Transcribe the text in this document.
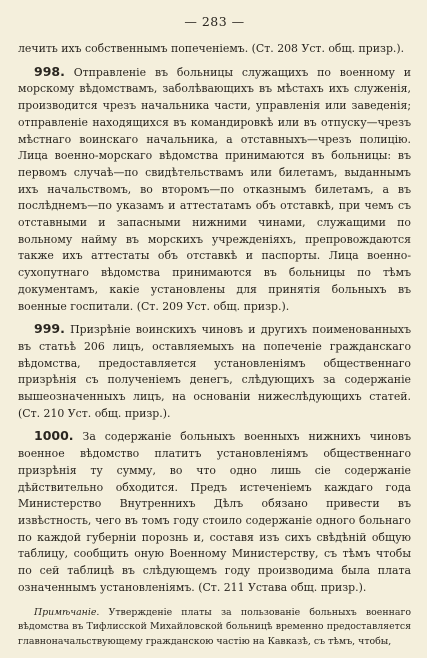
— 283 —

лечить ихъ собственнымъ попеченіемъ. (Ст. 208 Уст. общ. призр.).

998. Отправленіе въ больницы служащихъ по военному и морскому вѣдомствамъ, заболѣвающихъ въ мѣстахъ ихъ служенія, производится чрезъ начальника части, управленія или заведенія; отправленіе находящихся въ командировкѣ или въ отпуску—чрезъ мѣстнаго воинскаго начальника, а отставныхъ—чрезъ полицію. Лица военно-морскаго вѣдомства принимаются въ больницы: въ первомъ случаѣ—по свидѣтельствамъ или билетамъ, выданнымъ ихъ начальствомъ, во второмъ—по отказнымъ билетамъ, а въ послѣднемъ—по указамъ и аттестатамъ объ отставкѣ, при чемъ съ отставными и запасными нижними чинами, служащими по вольному найму въ морскихъ учрежденіяхъ, препровождаются также ихъ аттестаты объ отставкѣ и паспорты. Лица военно-сухопутнаго вѣдомства принимаются въ больницы по тѣмъ документамъ, какіе установлены для принятія больныхъ въ военные госпитали. (Ст. 209 Уст. общ. призр.).

999. Призрѣніе воинскихъ чиновъ и другихъ поименованныхъ въ статьѣ 206 лицъ, оставляемыхъ на попеченіе гражданскаго вѣдомства, предоставляется установленіямъ общественнаго призрѣнія съ полученіемъ денегъ, слѣдующихъ за содержаніе вышеозначенныхъ лицъ, на основаніи нижеслѣдующихъ статей. (Ст. 210 Уст. общ. призр.).

1000. За содержаніе больныхъ военныхъ нижнихъ чиновъ военное вѣдомство платитъ установленіямъ общественнаго призрѣнія ту сумму, во что одно лишь сіе содержаніе дѣйствительно обходится. Предъ истеченіемъ каждаго года Министерство Внутреннихъ Дѣлъ обязано привести въ извѣстность, чего въ томъ году стоило содержаніе одного больнаго по каждой губерніи порознь и, составя изъ сихъ свѣдѣній общую таблицу, сообщить оную Военному Министерству, съ тѣмъ чтобы по сей таблицѣ въ слѣдующемъ году производима была плата означеннымъ установленіямъ. (Ст. 211 Устава общ. призр.).

Примѣчаніе. Утвержденіе платы за пользованіе больныхъ военнаго вѣдомства въ Тифлисской Михайловской больницѣ временно предоставляется главноначальствующему гражданскою частію на Кавказѣ, съ тѣмъ, чтобы,
